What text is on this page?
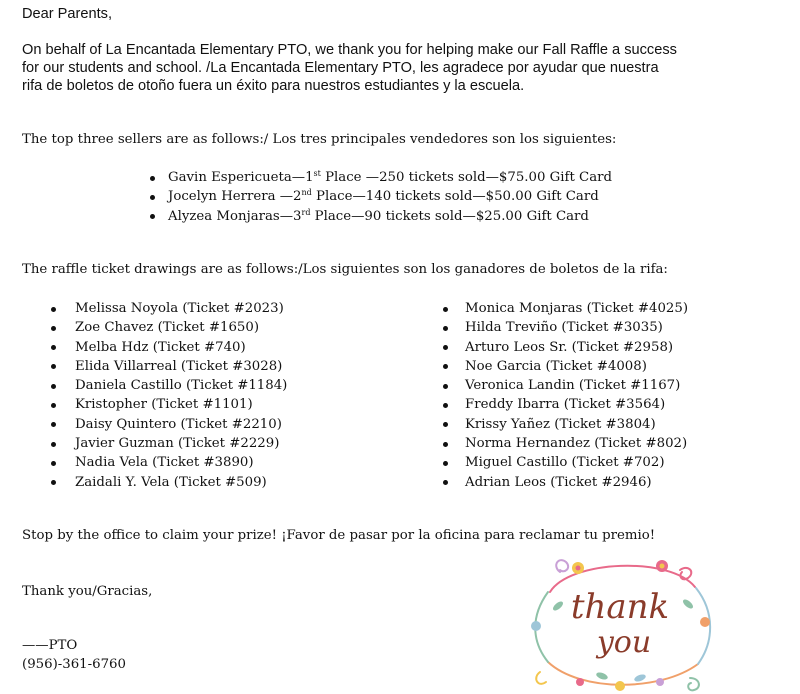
Dear Parents,
On behalf of La Encantada Elementary PTO, we thank you for helping make our Fall Raffle a success
for our students and school. /La Encantada Elementary PTO, les agradece por ayudar que nuestra
rifa de boletos de otoño fuera un éxito para nuestros estudiantes y la escuela.
The top three sellers are as follows:/ Los tres principales vendedores son los siguientes:
Gavin Espericueta—1st Place —250 tickets sold—$75.00 Gift Card
Jocelyn Herrera —2nd Place—140 tickets sold—$50.00 Gift Card
Alyzea Monjaras—3rd Place—90 tickets sold—$25.00 Gift Card
The raffle ticket drawings are as follows:/Los siguientes son los ganadores de boletos de la rifa:
Melissa Noyola (Ticket #2023)
Zoe Chavez (Ticket #1650)
Melba Hdz (Ticket #740)
Elida Villarreal (Ticket #3028)
Daniela Castillo (Ticket #1184)
Kristopher (Ticket #1101)
Daisy Quintero (Ticket #2210)
Javier Guzman (Ticket #2229)
Nadia Vela (Ticket #3890)
Zaidali Y. Vela (Ticket #509)
Monica Monjaras (Ticket #4025)
Hilda Treviño (Ticket #3035)
Arturo Leos Sr. (Ticket #2958)
Noe Garcia (Ticket #4008)
Veronica Landin (Ticket #1167)
Freddy Ibarra (Ticket #3564)
Krissy Yañez (Ticket #3804)
Norma Hernandez (Ticket #802)
Miguel Castillo (Ticket #702)
Adrian Leos (Ticket #2946)
Stop by the office to claim your prize! ¡Favor de pasar por la oficina para reclamar tu premio!
Thank you/Gracias,
——PTO
(956)-361-6760
thank
you
